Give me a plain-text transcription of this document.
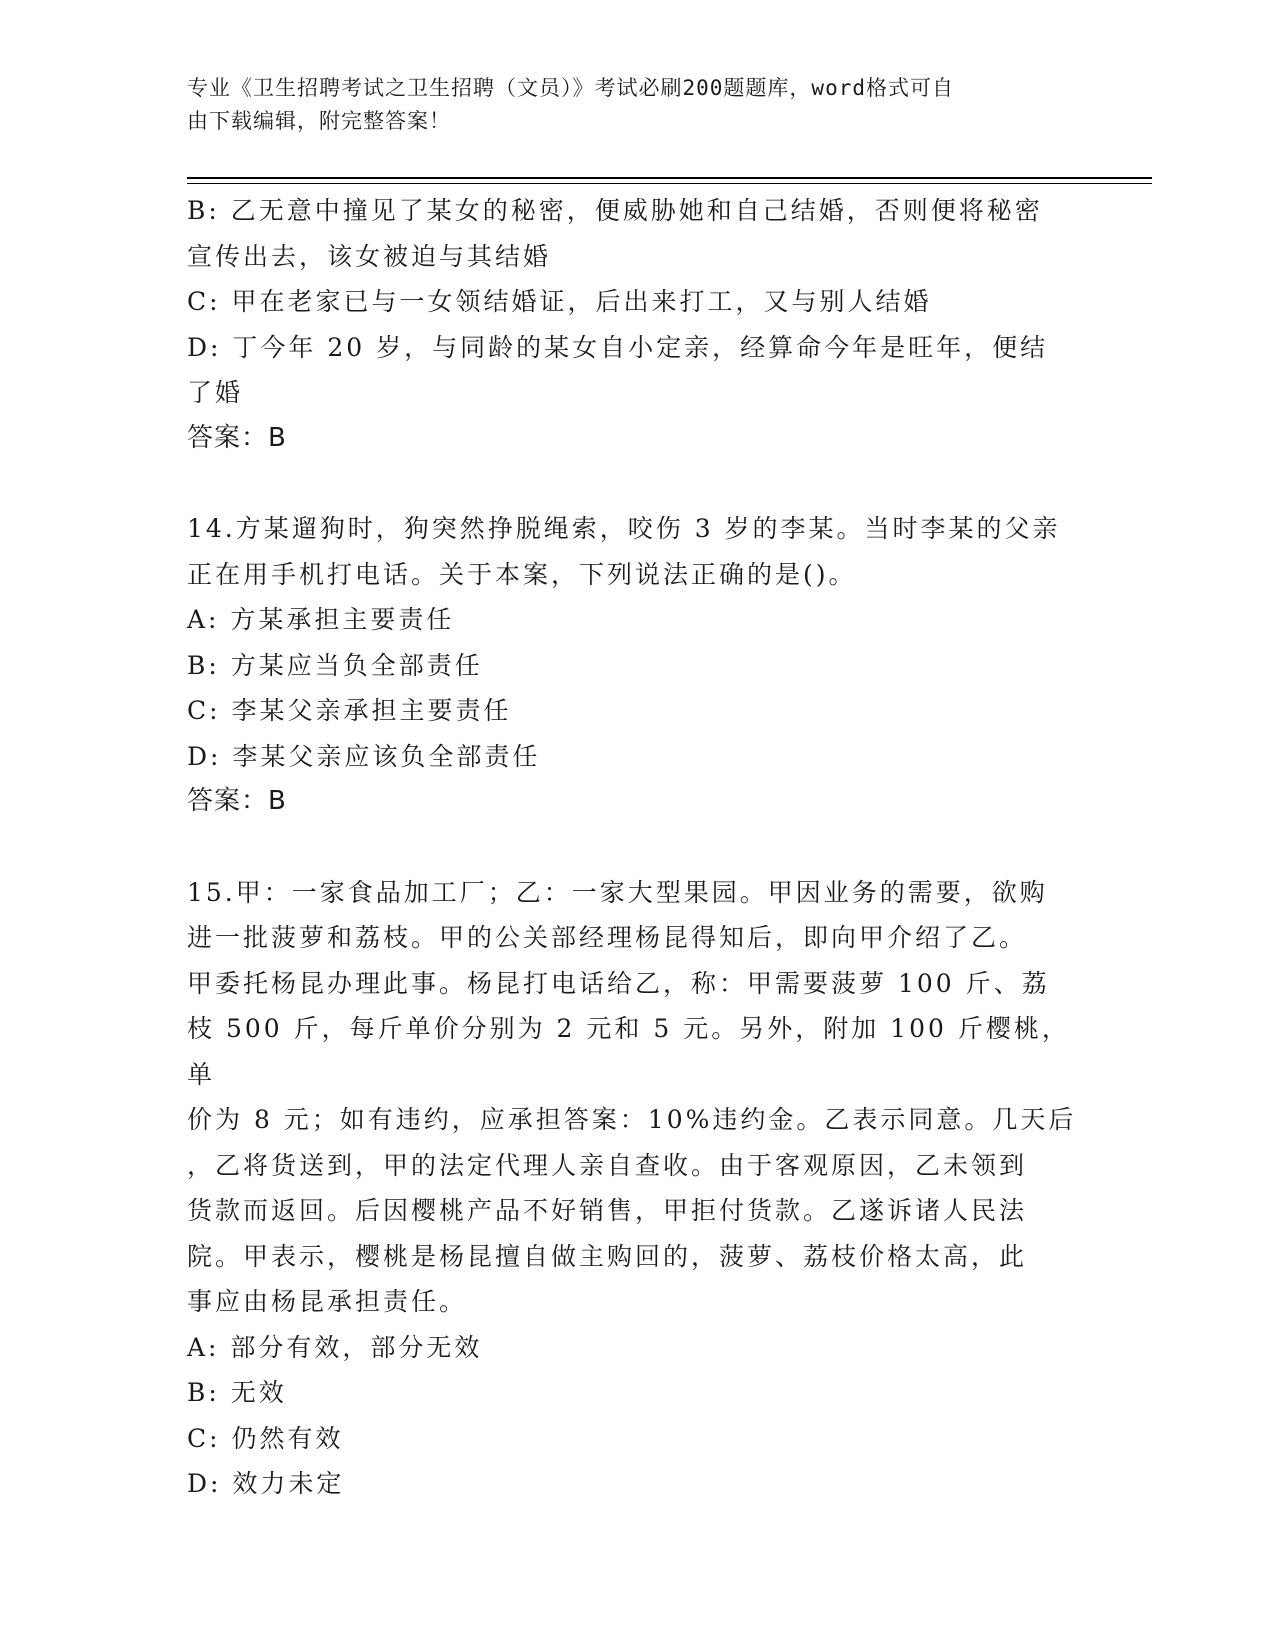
专业《卫生招聘考试之卫生招聘（文员）》考试必刷200题题库，word格式可自
由下载编辑，附完整答案！

B: 乙无意中撞见了某女的秘密，便威胁她和自己结婚，否则便将秘密

宣传出去，该女被迫与其结婚

C: 甲在老家已与一女领结婚证，后出来打工，又与别人结婚

D: 丁今年 20 岁，与同龄的某女自小定亲，经算命今年是旺年，便结

了婚

答案：B

14.方某遛狗时，狗突然挣脱绳索，咬伤 3 岁的李某。当时李某的父亲

正在用手机打电话。关于本案，下列说法正确的是()。

A: 方某承担主要责任

B: 方某应当负全部责任

C: 李某父亲承担主要责任

D: 李某父亲应该负全部责任

答案：B

15.甲：一家食品加工厂；乙：一家大型果园。甲因业务的需要，欲购

进一批菠萝和荔枝。甲的公关部经理杨昆得知后，即向甲介绍了乙。

甲委托杨昆办理此事。杨昆打电话给乙，称：甲需要菠萝 100 斤、荔

枝 500 斤，每斤单价分别为 2 元和 5 元。另外，附加 100 斤樱桃，单

价为 8 元；如有违约，应承担答案：10%违约金。乙表示同意。几天后

，乙将货送到，甲的法定代理人亲自查收。由于客观原因，乙未领到

货款而返回。后因樱桃产品不好销售，甲拒付货款。乙遂诉诸人民法

院。甲表示，樱桃是杨昆擅自做主购回的，菠萝、荔枝价格太高，此

事应由杨昆承担责任。

A: 部分有效，部分无效

B: 无效

C: 仍然有效

D: 效力未定
